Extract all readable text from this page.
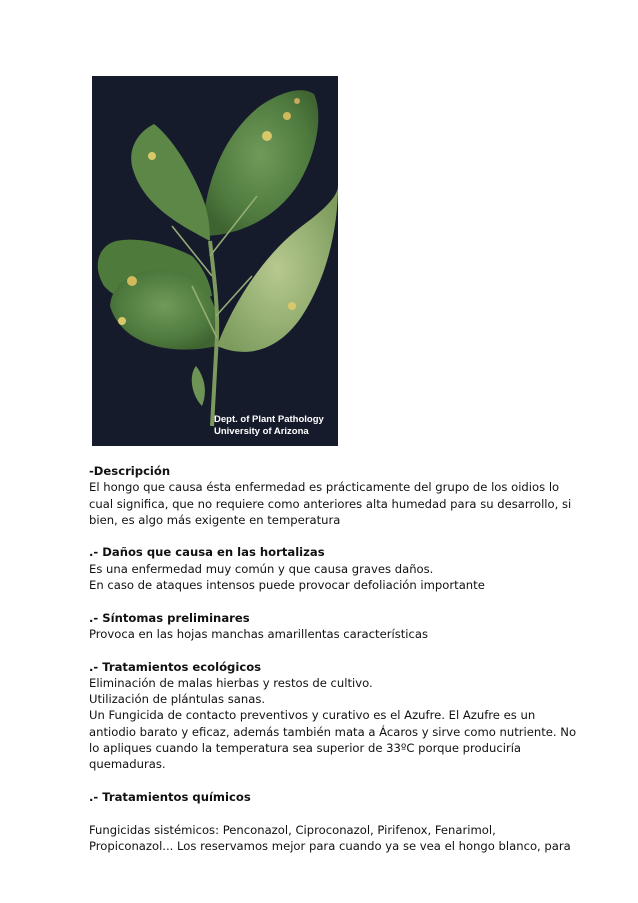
Dept. of Plant Pathology
University of Arizona
-Descripción
El hongo que causa ésta enfermedad es prácticamente del grupo de los oidios lo
cual significa, que no requiere como anteriores alta humedad para su desarrollo, si
bien, es algo más exigente en temperatura
.- Daños que causa en las hortalizas
Es una enfermedad muy común y que causa graves daños.
En caso de ataques intensos puede provocar defoliación importante
.- Síntomas preliminares
Provoca en las hojas manchas amarillentas características
.- Tratamientos ecológicos
Eliminación de malas hierbas y restos de cultivo.
Utilización de plántulas sanas.
Un Fungicida de contacto preventivos y curativo es el Azufre. El Azufre es un
antiodio barato y eficaz, además también mata a Ácaros y sirve como nutriente. No
lo apliques cuando la temperatura sea superior de 33ºC porque produciría
quemaduras.
.- Tratamientos químicos
Fungicidas sistémicos: Penconazol, Ciproconazol, Pirifenox, Fenarimol,
Propiconazol... Los reservamos mejor para cuando ya se vea el hongo blanco, para
